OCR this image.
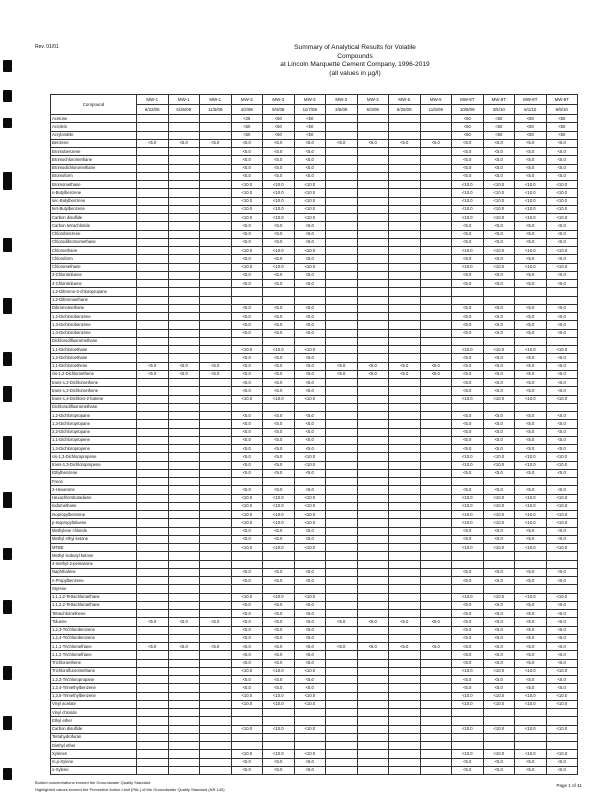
Rev. 01/01	Summary of Analytical Results for Volatile
Compounds
at Lincoln Marquette Cement Company, 1996-2019
(all values in µg/l)
Compound	MW-1	MW-1	MW-1	MW-3	MW-3	MW-3	MW-3	MW-3	MW-5	MW-5	MW-8T	MW-8T	MW-8T	MW-8T
	6/22/05	6/26/09	11/5/09	4/2/98	9/4/08	11/7/08	3/5/09	6/3/09	8/25/09	11/5/09	10/8/09	3/5/10	6/1/10	9/9/10
Acetone				<25	<50	<50					<50	<50	<50	<50
Acrolein				<50	<50	<50					<50	<50	<50	<50
Acrylonitrile				<50	<50	<50					<50	<50	<50	<50
Benzene	<5.0	<5.0	<5.0	<5.0	<5.0	<5.0	<5.0	<5.0	<5.0	<5.0	<5.0	<5.0	<5.0	<5.0
Bromobenzene				<5.0	<5.0	<5.0					<5.0	<5.0	<5.0	<5.0
Bromochloromethane				<5.0	<5.0	<5.0					<5.0	<5.0	<5.0	<5.0
Bromodichloromethane				<5.0	<5.0	<5.0					<5.0	<5.0	<5.0	<5.0
Bromoform				<5.0	<5.0	<5.0					<5.0	<5.0	<5.0	<5.0
Bromomethane				<10.0	<10.0	<10.0					<10.0	<10.0	<10.0	<10.0
n-Butylbenzene				<10.0	<10.0	<10.0					<10.0	<10.0	<10.0	<10.0
sec-Butylbenzene				<10.0	<10.0	<10.0					<10.0	<10.0	<10.0	<10.0
tert-Butylbenzene				<10.0	<10.0	<10.0					<10.0	<10.0	<10.0	<10.0
Carbon disulfide				<10.0	<10.0	<10.0					<10.0	<10.0	<10.0	<10.0
Carbon tetrachloride				<5.0	<5.0	<5.0					<5.0	<5.0	<5.0	<5.0
Chlorobenzene				<5.0	<5.0	<5.0					<5.0	<5.0	<5.0	<5.0
Chlorodibromomethane				<5.0	<5.0	<5.0					<5.0	<5.0	<5.0	<5.0
Chloroethane				<10.0	<10.0	<10.0					<10.0	<10.0	<10.0	<10.0
Chloroform				<5.0	<5.0	<5.0					<5.0	<5.0	<5.0	<5.0
Chloromethane				<10.0	<10.0	<10.0					<10.0	<10.0	<10.0	<10.0
2-Chlorotoluene				<5.0	<5.0	<5.0					<5.0	<5.0	<5.0	<5.0
4-Chlorotoluene				<5.0	<5.0	<5.0					<5.0	<5.0	<5.0	<5.0
1,2-Dibromo-3-chloropropane														
1,2-Dibromoethane														
Dibromomethane				<5.0	<5.0	<5.0					<5.0	<5.0	<5.0	<5.0
1,2-Dichlorobenzene				<5.0	<5.0	<5.0					<5.0	<5.0	<5.0	<5.0
1,3-Dichlorobenzene				<5.0	<5.0	<5.0					<5.0	<5.0	<5.0	<5.0
1,4-Dichlorobenzene				<5.0	<5.0	<5.0					<5.0	<5.0	<5.0	<5.0
Dichlorodifluoromethane														
1,1-Dichloroethane				<10.0	<10.0	<10.0					<10.0	<10.0	<10.0	<10.0
1,2-Dichloroethane				<5.0	<5.0	<5.0					<5.0	<5.0	<5.0	<5.0
1,1-Dichloroethene	<5.0	<5.0	<5.0	<5.0	<5.0	<5.0	<5.0	<5.0	<5.0	<5.0	<5.0	<5.0	<5.0	<5.0
cis-1,2-Dichloroethene	<5.0	<5.0	<5.0	<5.0	<5.0	<5.0	<5.0	<5.0	<5.0	<5.0	<5.0	<5.0	<5.0	<5.0
trans-1,2-Dichloroethene				<5.0	<5.0	<5.0					<5.0	<5.0	<5.0	<5.0
trans-1,2-Dichloroethene				<5.0	<5.0	<5.0					<5.0	<5.0	<5.0	<5.0
trans-1,4-Dichloro-2-butene				<10.0	<10.0	<10.0					<10.0	<10.0	<10.0	<10.0
Dichlorodifluoromethane														
1,2-Dichloropropane				<5.0	<5.0	<5.0					<5.0	<5.0	<5.0	<5.0
1,3-Dichloropropane				<5.0	<5.0	<5.0					<5.0	<5.0	<5.0	<5.0
2,2-Dichloropropane				<5.0	<5.0	<5.0					<5.0	<5.0	<5.0	<5.0
1,1-Dichloropropene				<5.0	<5.0	<5.0					<5.0	<5.0	<5.0	<5.0
1,3-Dichloropropene				<5.0	<5.0	<5.0					<5.0	<5.0	<5.0	<5.0
cis-1,3-Dichloropropene				<5.0	<5.0	<10.0					<10.0	<10.0	<10.0	<10.0
trans-1,3-Dichloropropene				<5.0	<5.0	<10.0					<10.0	<10.0	<10.0	<10.0
Ethylbenzene				<5.0	<5.0	<5.0					<5.0	<5.0	<5.0	<5.0
Freon														
2-Hexanone				<5.0	<5.0	<5.0					<5.0	<5.0	<5.0	<5.0
Hexachlorobutadiene				<10.0	<10.0	<10.0					<10.0	<10.0	<10.0	<10.0
Iodomethane				<10.0	<10.0	<10.0					<10.0	<10.0	<10.0	<10.0
Isopropylbenzene				<10.0	<10.0	<10.0					<10.0	<10.0	<10.0	<10.0
p-Isopropyltoluene				<10.0	<10.0	<10.0					<10.0	<10.0	<10.0	<10.0
Methylene chloride				<5.0	<5.0	<5.0					<5.0	<5.0	<5.0	<5.0
Methyl ethyl ketone				<5.0	<5.0	<5.0					<5.0	<5.0	<5.0	<5.0
MTBE				<10.0	<10.0	<10.0					<10.0	<10.0	<10.0	<10.0
Methyl isobutyl ketone														
4-methyl-2-pentanone														
Naphthalene				<5.0	<5.0	<5.0					<5.0	<5.0	<5.0	<5.0
n-Propylbenzene				<5.0	<5.0	<5.0					<5.0	<5.0	<5.0	<5.0
Styrene														
1,1,1,2-Tetrachloroethane				<10.0	<10.0	<10.0					<10.0	<10.0	<10.0	<10.0
1,1,2,2-Tetrachloroethane				<5.0	<5.0	<5.0					<5.0	<5.0	<5.0	<5.0
Tetrachloroethene				<5.0	<5.0	<5.0					<5.0	<5.0	<5.0	<5.0
Toluene	<5.0	<5.0	<5.0	<5.0	<5.0	<5.0	<5.0	<5.0	<5.0	<5.0	<5.0	<5.0	<5.0	<5.0
1,2,3-Trichlorobenzene				<5.0	<5.0	<5.0					<5.0	<5.0	<5.0	<5.0
1,2,4-Trichlorobenzene				<5.0	<5.0	<5.0					<5.0	<5.0	<5.0	<5.0
1,1,1-Trichloroethane	<5.0	<5.0	<5.0	<5.0	<5.0	<5.0	<5.0	<5.0	<5.0	<5.0	<5.0	<5.0	<5.0	<5.0
1,1,2-Trichloroethane				<5.0	<5.0	<5.0					<5.0	<5.0	<5.0	<5.0
Trichloroethene				<5.0	<5.0	<5.0					<5.0	<5.0	<5.0	<5.0
Trichlorofluoromethane				<10.0	<10.0	<10.0					<10.0	<10.0	<10.0	<10.0
1,2,3-Trichloropropane				<5.0	<5.0	<5.0					<5.0	<5.0	<5.0	<5.0
1,2,4-Trimethylbenzene				<5.0	<5.0	<5.0					<5.0	<5.0	<5.0	<5.0
1,3,5-Trimethylbenzene				<10.0	<10.0	<10.0					<10.0	<10.0	<10.0	<10.0
Vinyl acetate				<10.0	<10.0	<10.0					<10.0	<10.0	<10.0	<10.0
Vinyl chloride														
Ethyl ether														
Carbon disulfide				<10.0	<10.0	<10.0					<10.0	<10.0	<10.0	<10.0
Tetrahydrofuran														
Diethyl ether														
Xylenes				<10.0	<10.0	<10.0					<10.0	<10.0	<10.0	<10.0
m,p-Xylene				<5.0	<5.0	<5.0					<5.0	<5.0	<5.0	<5.0
o-Xylene				<5.0	<5.0	<5.0					<5.0	<5.0	<5.0	<5.0
Bolded concentrations exceed the Groundwater Quality Standard
Highlighted values exceed the Preventive Action Limit (PAL) of the Groundwater Quality Standard (NR 140)
Page 1 of 41
